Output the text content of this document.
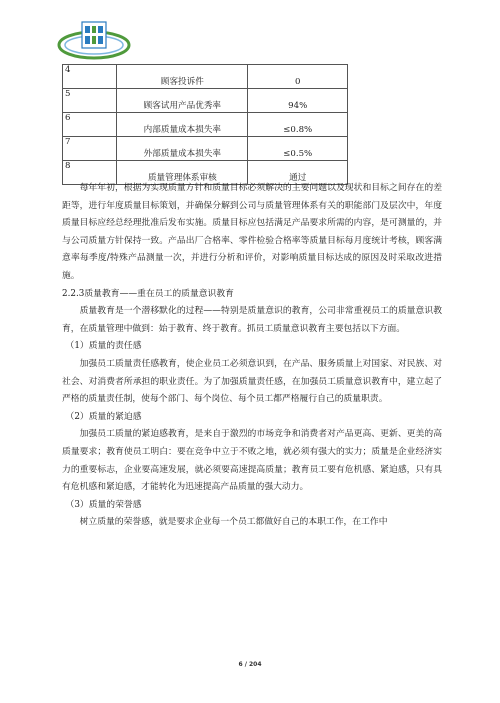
4	顾客投诉件	0

5	顾客试用产品优秀率	94%

6	内部质量成本损失率	≤0.8%

7	外部质量成本损失率	≤0.5%

8	质量管理体系审核	通过

每年年初，根据为实现质量方针和质量目标必须解决的主要问题以及现状和目标之间存在的差距等，进行年度质量目标策划，并确保分解到公司与质量管理体系有关的职能部门及层次中，年度质量目标应经总经理批准后发布实施。质量目标应包括满足产品要求所需的内容，是可测量的，并与公司质量方针保持一致。产品出厂合格率、零件检验合格率等质量目标每月度统计考核，顾客满意率每季度/特殊产品测量一次，并进行分析和评价，对影响质量目标达成的原因及时采取改进措施。

2.2.3质量教育——重在员工的质量意识教育

质量教育是一个潜移默化的过程——特别是质量意识的教育，公司非常重视员工的质量意识教育，在质量管理中做到：始于教育、终于教育。抓员工质量意识教育主要包括以下方面。

（1）质量的责任感

加强员工质量责任感教育，使企业员工必须意识到，在产品、服务质量上对国家、对民族、对社会、对消费者所承担的职业责任。为了加强质量责任感，在加强员工质量意识教育中，建立起了严格的质量责任制，使每个部门、每个岗位、每个员工都严格履行自己的质量职责。

（2）质量的紧迫感

加强员工质量的紧迫感教育，是来自于激烈的市场竞争和消费者对产品更高、更新、更美的高质量要求；教育使员工明白：要在竞争中立于不败之地，就必须有强大的实力；质量是企业经济实力的重要标志，企业要高速发展，就必须要高速提高质量；教育员工要有危机感、紧迫感，只有具有危机感和紧迫感，才能转化为迅速提高产品质量的强大动力。

（3）质量的荣誉感

树立质量的荣誉感，就是要求企业每一个员工都做好自己的本职工作，在工作中

6 / 204
